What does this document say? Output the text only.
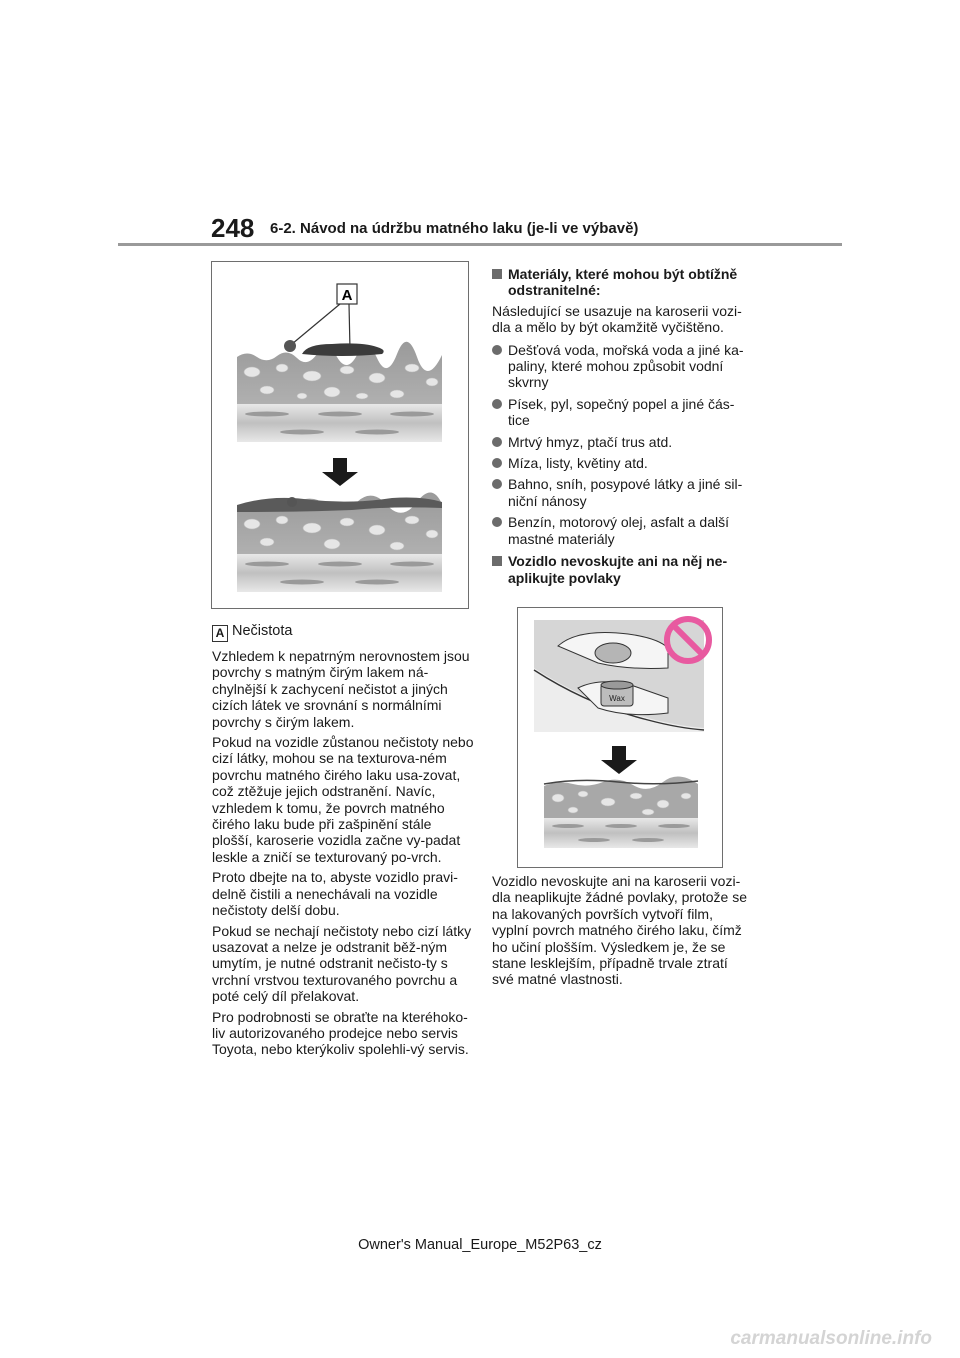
248 6-2. Návod na údržbu matného laku (je-li ve výbavě)
A
A Nečistota

Vzhledem k nepatrným nerovnostem jsou povrchy s matným čirým lakem ná-chylnější k zachycení nečistot a jiných cizích látek ve srovnání s normálními povrchy s čirým lakem.

Pokud na vozidle zůstanou nečistoty nebo cizí látky, mohou se na texturova-ném povrchu matného čirého laku usa-zovat, což ztěžuje jejich odstranění. Navíc, vzhledem k tomu, že povrch matného čirého laku bude při zašpinění stále plošší, karoserie vozidla začne vy-padat leskle a zničí se texturovaný po-vrch.

Proto dbejte na to, abyste vozidlo pravi-delně čistili a nenechávali na vozidle nečistoty delší dobu.

Pokud se nechají nečistoty nebo cizí látky usazovat a nelze je odstranit běž-ným umytím, je nutné odstranit nečisto-ty s vrchní vrstvou texturovaného povrchu a poté celý díl přelakovat.

Pro podrobnosti se obraťte na kteréhoko-liv autorizovaného prodejce nebo servis Toyota, nebo kterýkoliv spolehli-vý servis.

Materiály, které mohou být obtížně odstranitelné:

Následující se usazuje na karoserii vozi-dla a mělo by být okamžitě vyčištěno.

Dešťová voda, mořská voda a jiné ka-paliny, které mohou způsobit vodní skvrny
Písek, pyl, sopečný popel a jiné čás-tice
Mrtvý hmyz, ptačí trus atd.
Míza, listy, květiny atd.
Bahno, sníh, posypové látky a jiné sil-niční nánosy
Benzín, motorový olej, asfalt a další mastné materiály
Vozidlo nevoskujte ani na něj ne-aplikujte povlaky
Wax

Vozidlo nevoskujte ani na karoserii vozi-dla neaplikujte žádné povlaky, protože se na lakovaných površích vytvoří film, vyplní povrch matného čirého laku, čímž ho učiní plošším. Výsledkem je, že se stane lesklejším, případně trvale ztratí své matné vlastnosti.

Owner's Manual_Europe_M52P63_cz
carmanualsonline.info
